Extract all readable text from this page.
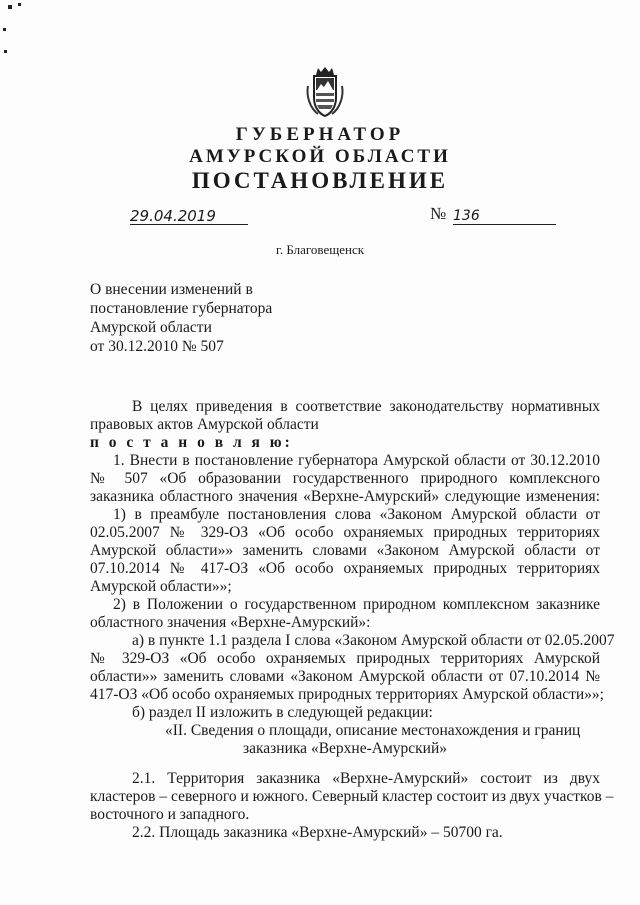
ГУБЕРНАТОР
АМУРСКОЙ ОБЛАСТИ
ПОСТАНОВЛЕНИЕ
29.04.2019	№ 136
г. Благовещенск
О внесении изменений в
постановление губернатора
Амурской области
от 30.12.2010 № 507
В целях приведения в соответствие законодательству нормативных
правовых актов Амурской области
п о с т а н о в л я ю:
1. Внести в постановление губернатора Амурской области от 30.12.2010
№ 507 «Об образовании государственного природного комплексного
заказника областного значения «Верхне-Амурский» следующие изменения:
1) в преамбуле постановления слова «Законом Амурской области от
02.05.2007 № 329-ОЗ «Об особо охраняемых природных территориях
Амурской области»» заменить словами «Законом Амурской области от
07.10.2014 № 417-ОЗ «Об особо охраняемых природных территориях
Амурской области»»;
2) в Положении о государственном природном комплексном заказнике
областного значения «Верхне-Амурский»:
а) в пункте 1.1 раздела I слова «Законом Амурской области от 02.05.2007
№ 329-ОЗ «Об особо охраняемых природных территориях Амурской
области»» заменить словами «Законом Амурской области от 07.10.2014 №
417-ОЗ «Об особо охраняемых природных территориях Амурской области»»;
б) раздел II изложить в следующей редакции:
«II. Сведения о площади, описание местонахождения и границ
заказника «Верхне-Амурский»
2.1. Территория заказника «Верхне-Амурский» состоит из двух
кластеров – северного и южного. Северный кластер состоит из двух участков –
восточного и западного.
2.2. Площадь заказника «Верхне-Амурский» – 50700 га.
